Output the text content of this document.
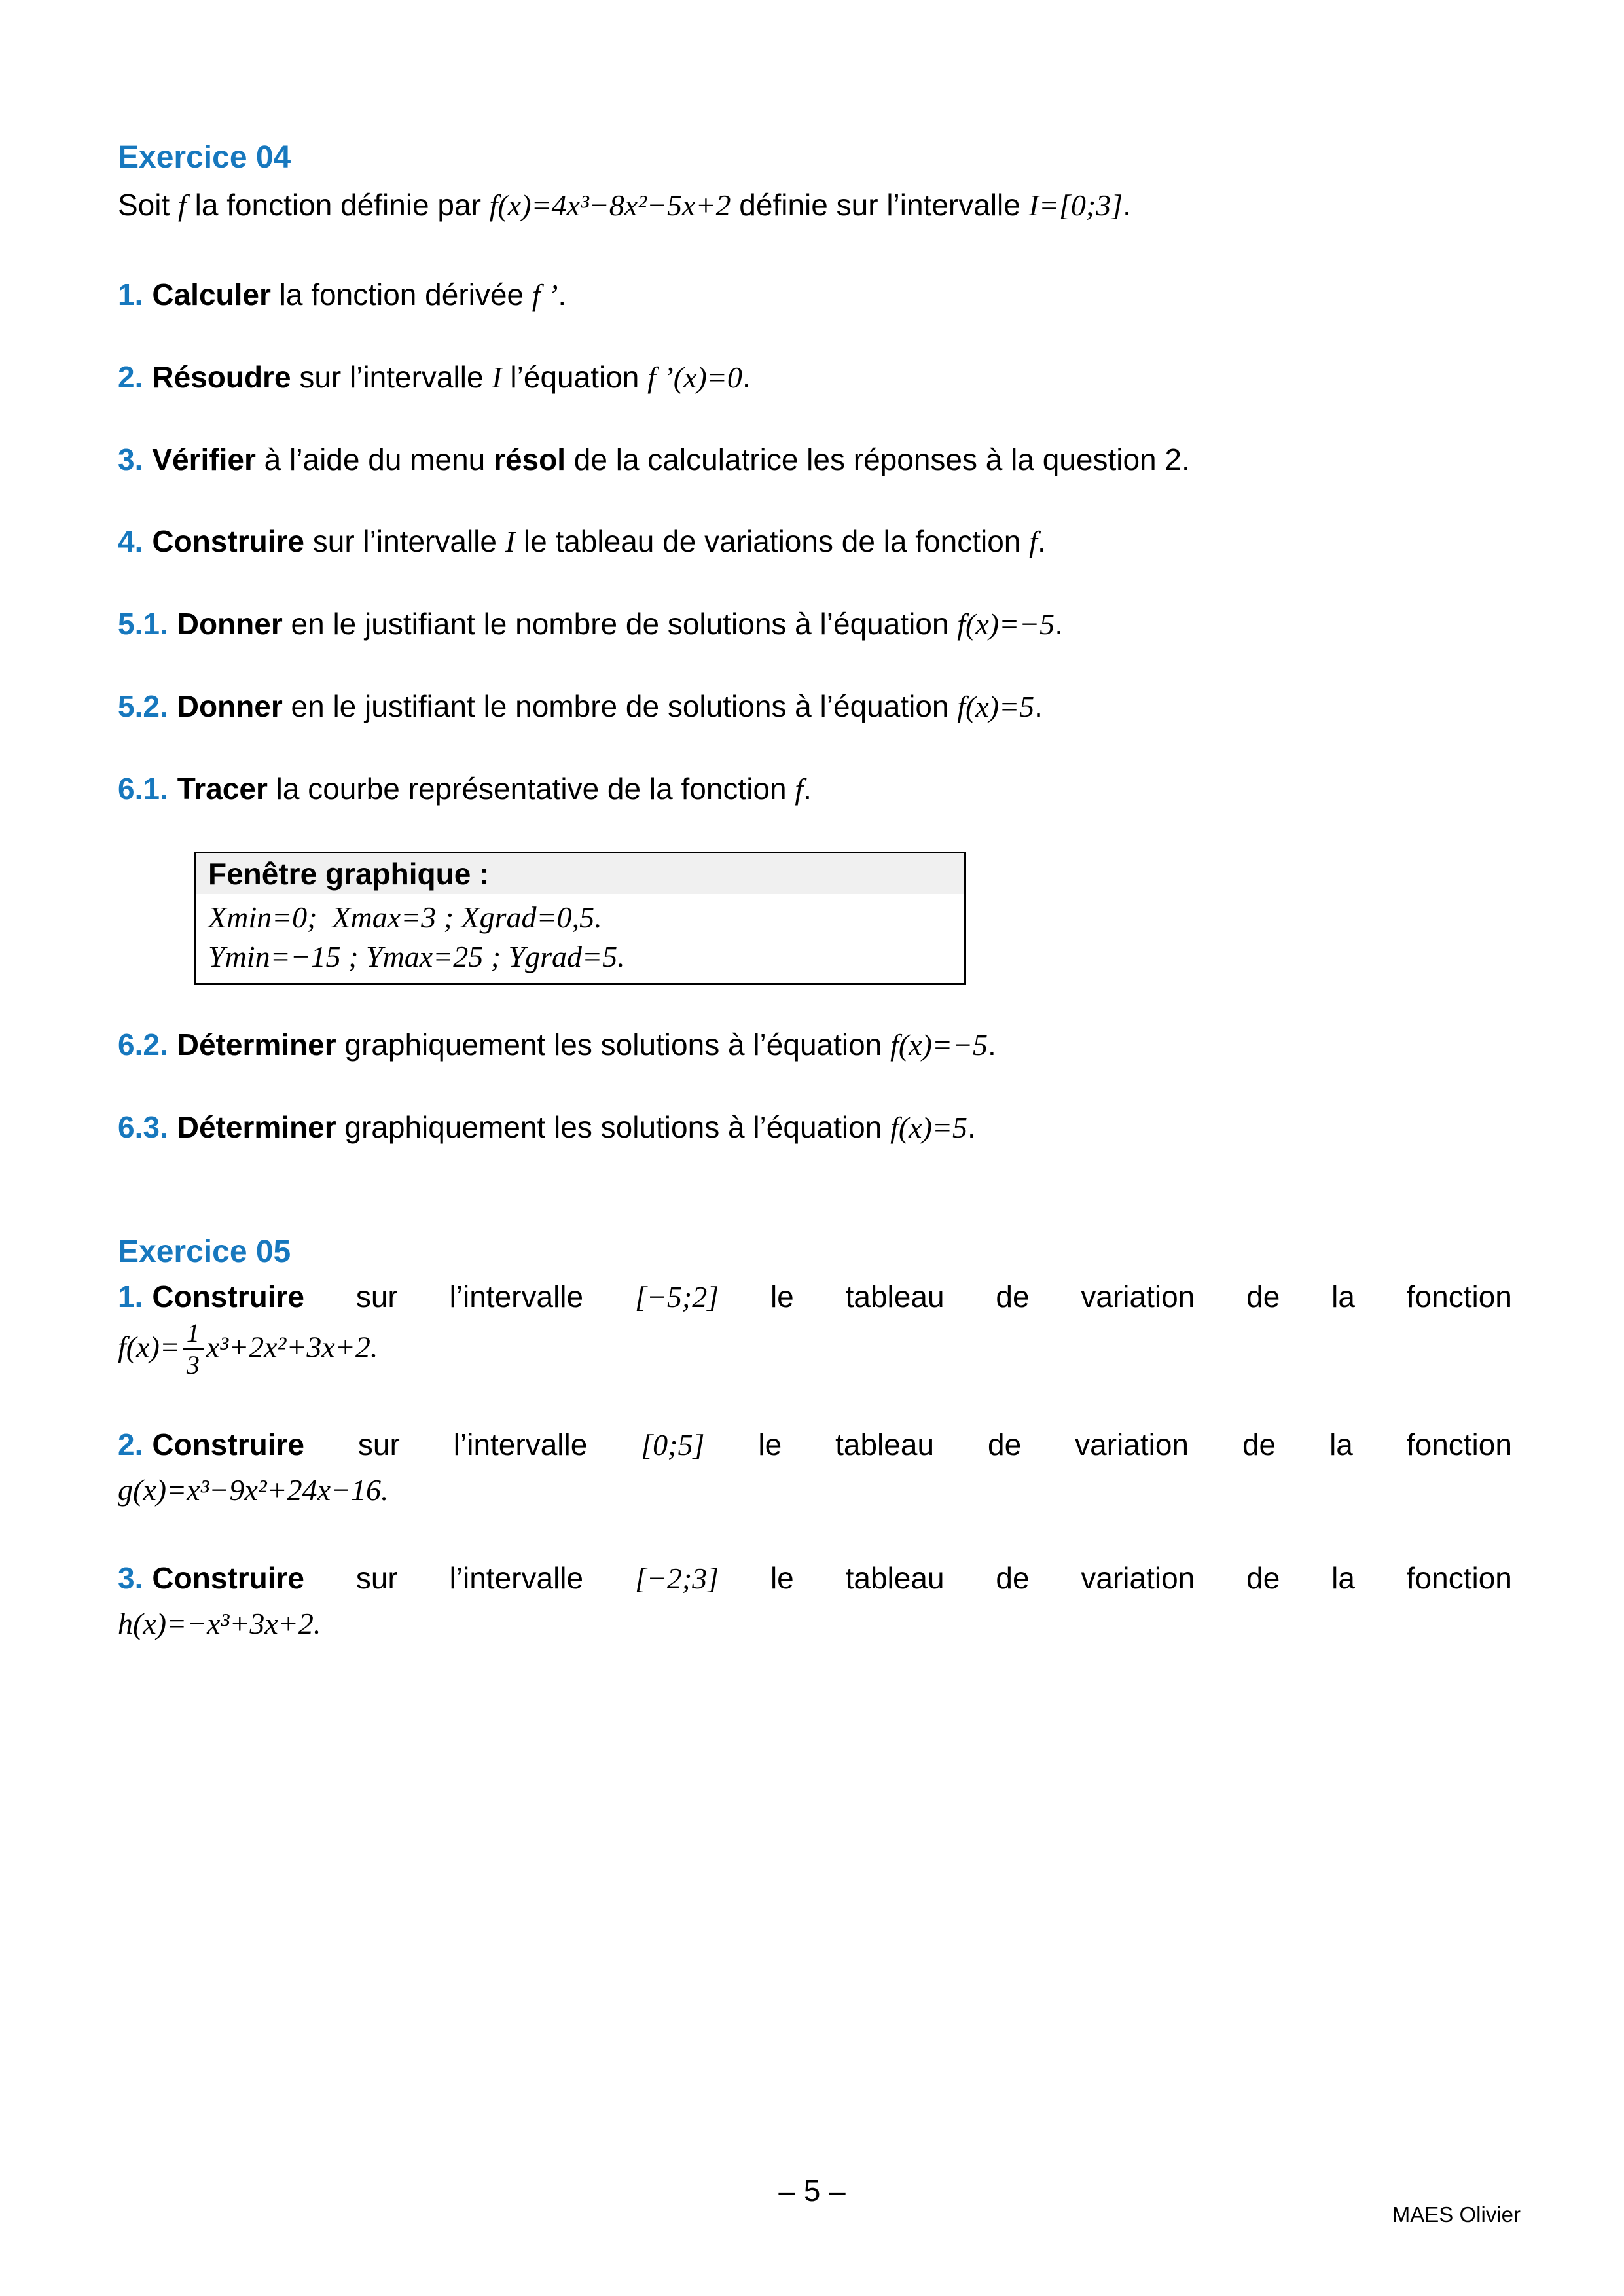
Exercice 04

Soit f la fonction définie par f(x)=4x³−8x²−5x+2 définie sur l’intervalle I=[0;3].

1. Calculer la fonction dérivée f ’.

2. Résoudre sur l’intervalle I l’équation f ’(x)=0.

3. Vérifier à l’aide du menu résol de la calculatrice les réponses à la question 2.

4. Construire sur l’intervalle I le tableau de variations de la fonction f.

5.1. Donner en le justifiant le nombre de solutions à l’équation f(x)=−5.

5.2. Donner en le justifiant le nombre de solutions à l’équation f(x)=5.

6.1. Tracer la courbe représentative de la fonction f.

Fenêtre graphique :

Xmin=0;  Xmax=3 ; Xgrad=0,5.

Ymin=−15 ; Ymax=25 ; Ygrad=5.

6.2. Déterminer graphiquement les solutions à l’équation f(x)=−5.

6.3. Déterminer graphiquement les solutions à l’équation f(x)=5.

Exercice 05

1. Construire sur l’intervalle [−5;2] le tableau de variation de la fonction

$f(x)= \frac{1}{3} x^3+2x^2+3x+2$.

2. Construire sur l’intervalle [0;5] le tableau de variation de la fonction

g(x)=x³−9x²+24x−16.

3. Construire sur l’intervalle [−2;3] le tableau de variation de la fonction

h(x)=−x³+3x+2.

– 5 –
MAES Olivier
